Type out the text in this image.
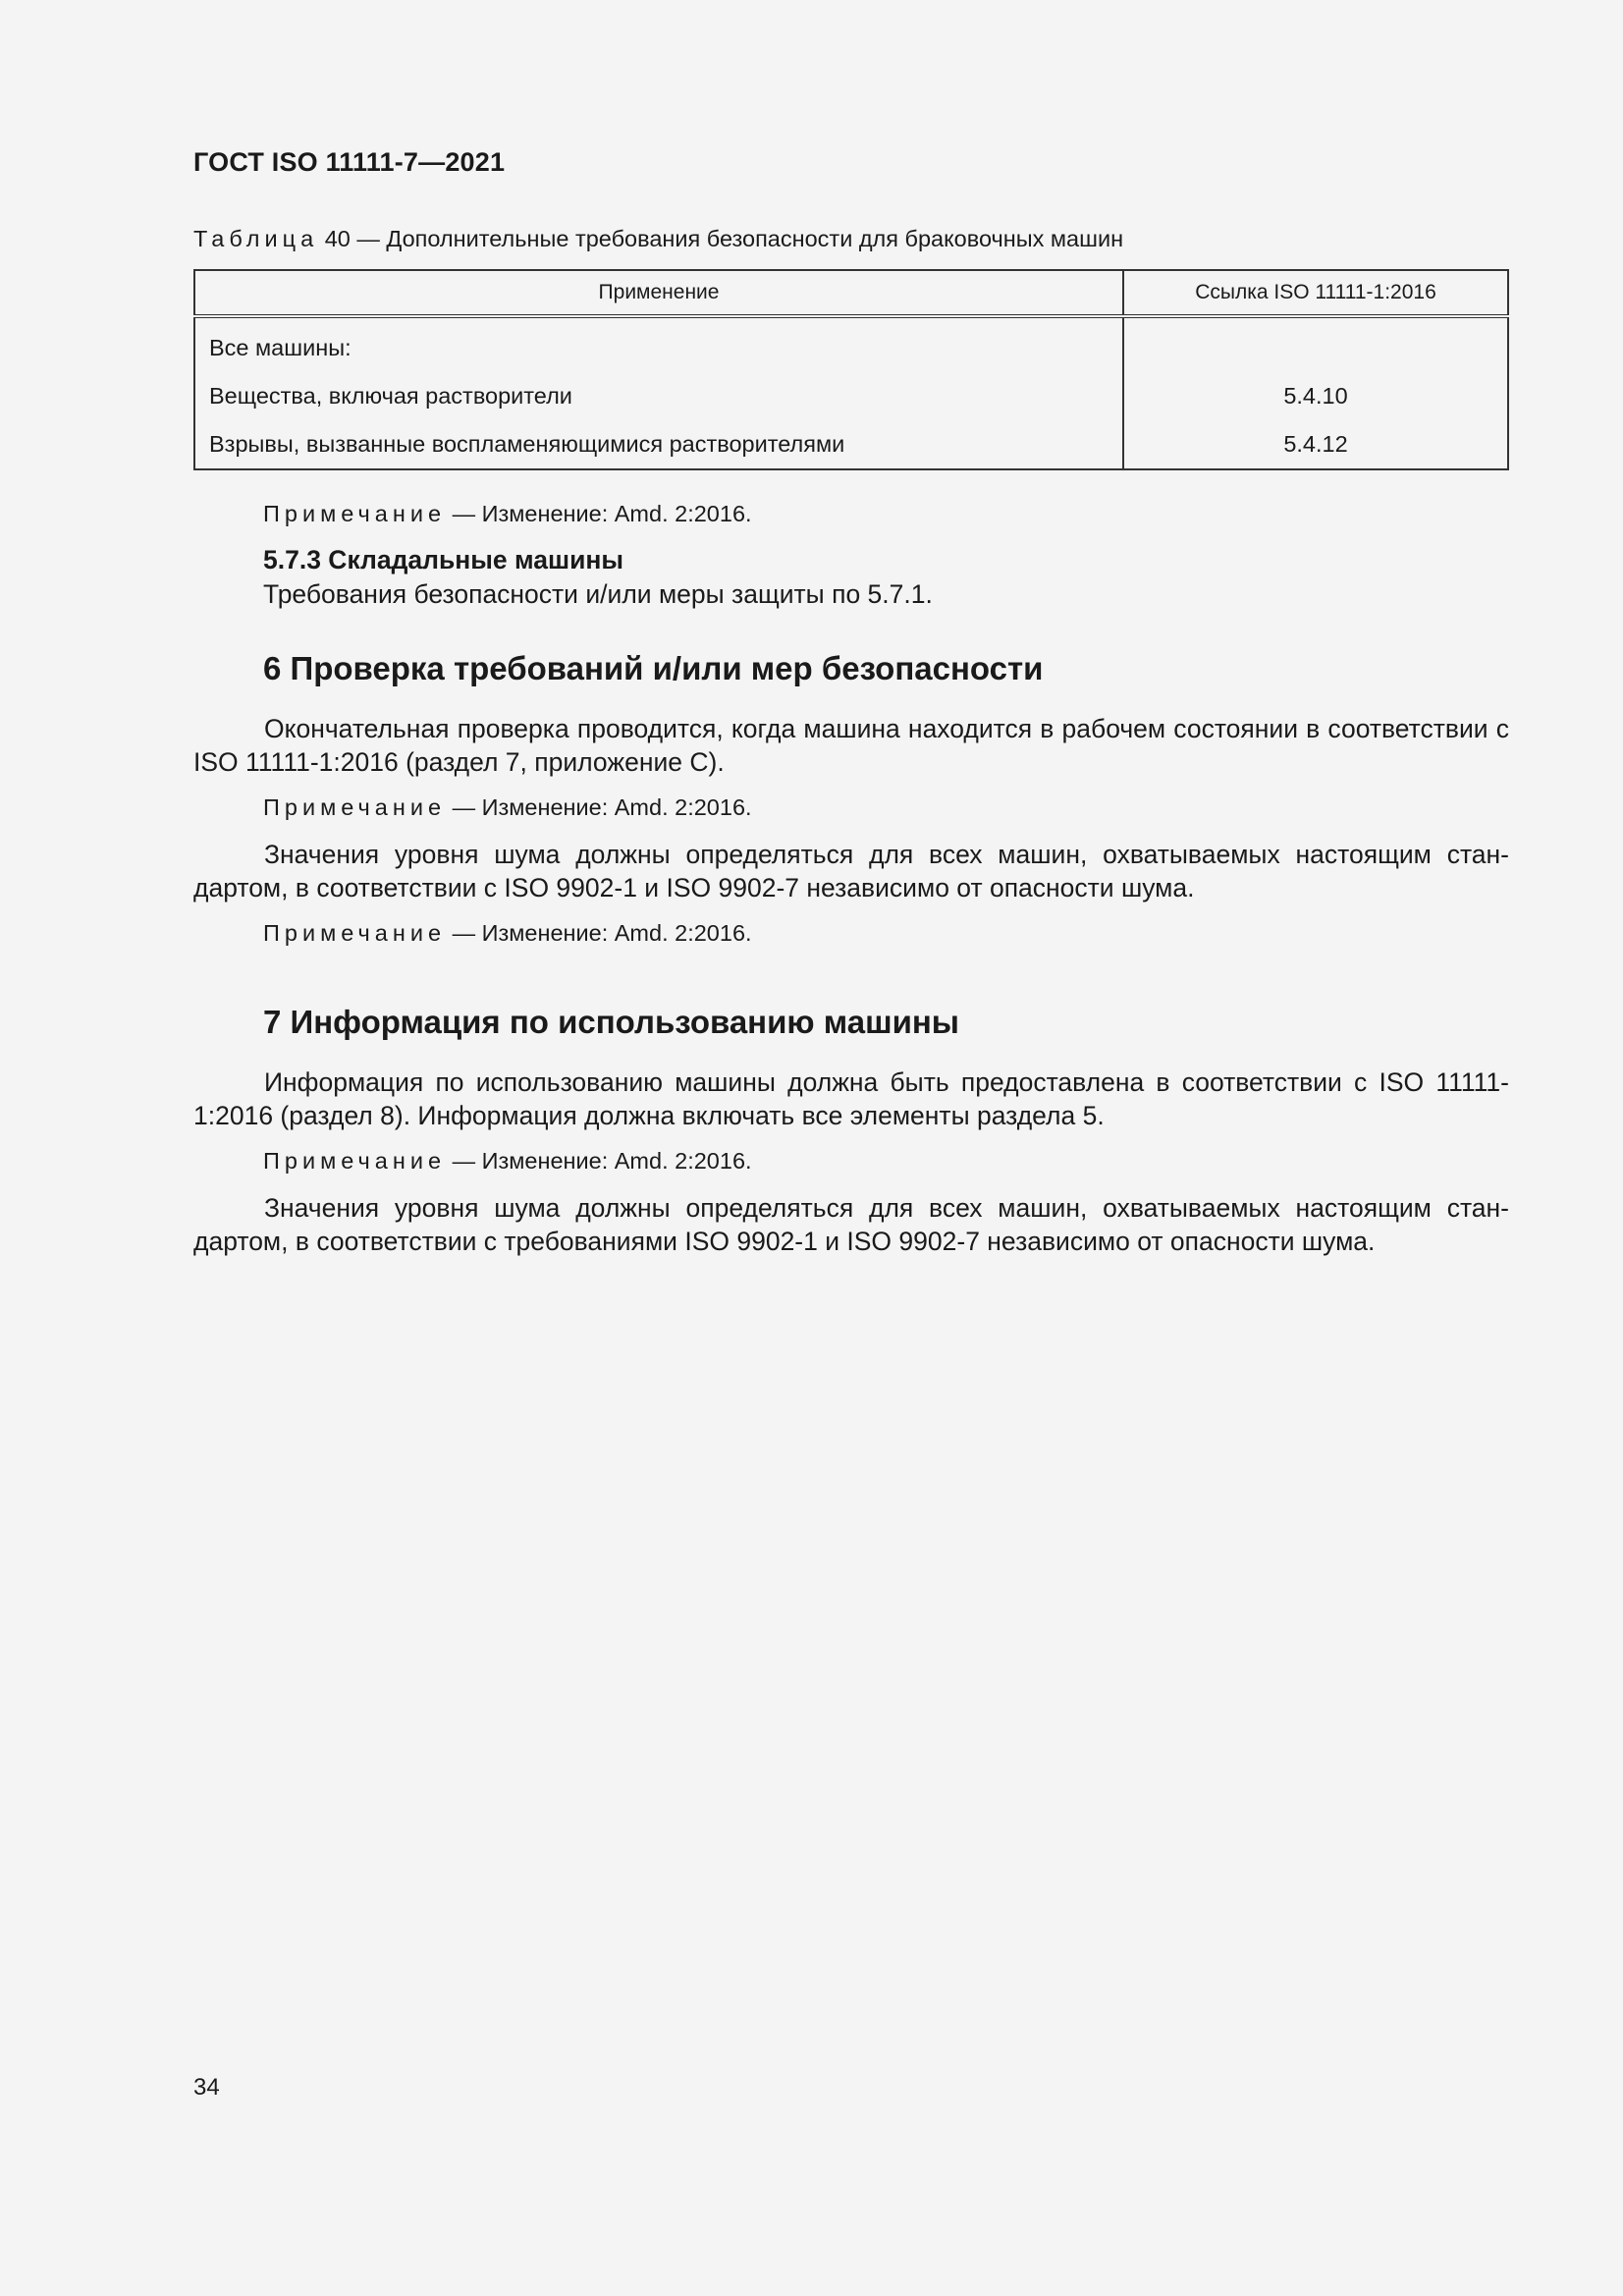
ГОСТ ISO 11111-7—2021
Таблица 40 — Дополнительные требования безопасности для браковочных машин
Применение	Ссылка ISO 11111-1:2016
Все машины:	
Вещества, включая растворители	5.4.10
Взрывы, вызванные воспламеняющимися растворителями	5.4.12
Примечание — Изменение: Amd. 2:2016.
5.7.3 Складальные машины
Требования безопасности и/или меры защиты по 5.7.1.
6 Проверка требований и/или мер безопасности
Окончательная проверка проводится, когда машина находится в рабочем состоянии в соответствии с ISO 11111-1:2016 (раздел 7, приложение С).
Примечание — Изменение: Amd. 2:2016.
Значения уровня шума должны определяться для всех машин, охватываемых настоящим стандартом, в соответствии с ISO 9902-1 и ISO 9902-7 независимо от опасности шума.
Примечание — Изменение: Amd. 2:2016.
7 Информация по использованию машины
Информация по использованию машины должна быть предоставлена в соответствии с ISO 11111-1:2016 (раздел 8). Информация должна включать все элементы раздела 5.
Примечание — Изменение: Amd. 2:2016.
Значения уровня шума должны определяться для всех машин, охватываемых настоящим стандартом, в соответствии с требованиями ISO 9902-1 и ISO 9902-7 независимо от опасности шума.
34
